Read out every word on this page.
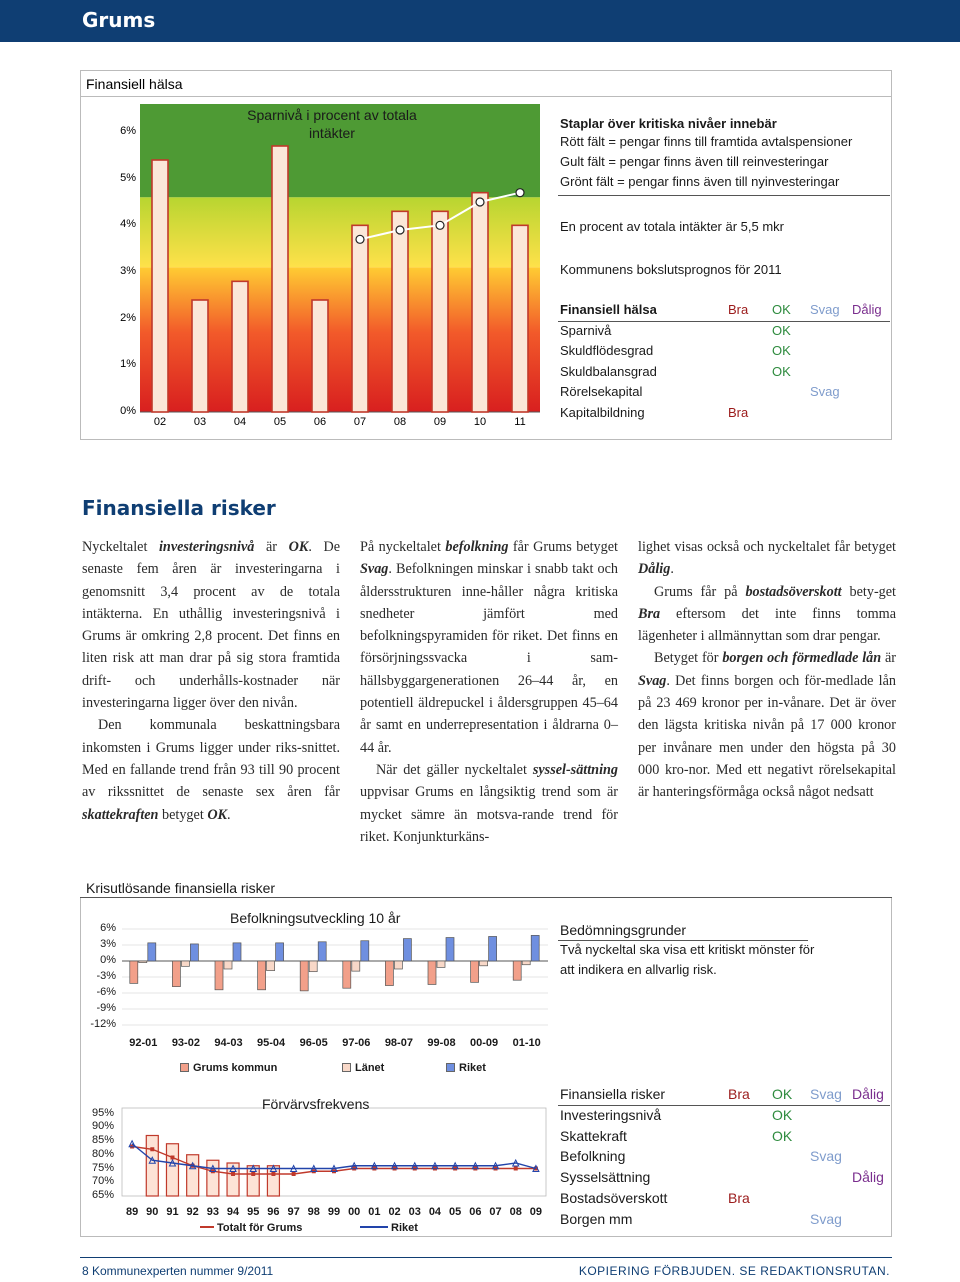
Grums
Finansiell hälsa
Sparnivå i procent av totala intäkter
Staplar över kritiska nivåer innebär
Rött fält = pengar finns till framtida avtalspensioner
Gult fält = pengar finns även till reinvesteringar
Grönt fält = pengar finns även till nyinvesteringar
En procent av totala intäkter är 5,5 mkr
Kommunens bokslutsprognos för 2011
Finansiella risker

Nyckeltalet investeringsnivå är OK. De senaste fem åren är investeringarna i genomsnitt 3,4 procent av de totala intäkterna. En uthållig investeringsnivå i Grums är omkring 2,8 procent. Det finns en liten risk att man drar på sig stora framtida drift- och underhålls-kostnader när investeringarna ligger över den nivån.

Den kommunala beskattningsbara inkomsten i Grums ligger under riks-snittet. Med en fallande trend från 93 till 90 procent av rikssnittet de senaste sex åren får skattekraften betyget OK.

På nyckeltalet befolkning får Grums betyget Svag. Befolkningen minskar i snabb takt och åldersstrukturen inne-håller några kritiska snedheter jämfört med befolkningspyramiden för riket. Det finns en försörjningssvacka i sam-hällsbyggargenerationen 26–44 år, en potentiell äldrepuckel i åldersgruppen 45–64 år samt en underrepresentation i åldrarna 0–44 år.

När det gäller nyckeltalet syssel-sättning uppvisar Grums en långsiktig trend som är mycket sämre än motsva-rande trend för riket. Konjunkturkäns-

lighet visas också och nyckeltalet får betyget Dålig.

Grums får på bostadsöverskott bety-get Bra eftersom det inte finns tomma lägenheter i allmännyttan som drar pengar.

Betyget för borgen och förmedlade lån är Svag. Det finns borgen och för-medlade lån på 23 469 kronor per in-vånare. Det är över den lägsta kritiska nivån på 17 000 kronor per invånare men under den högsta på 30 000 kro-nor. Med ett negativt rörelsekapital är hanteringsförmåga också något nedsatt

Krisutlösande finansiella risker
Befolkningsutveckling 10 år
Grums kommun	Länet	Riket
Bedömningsgrunder
Två nyckeltal ska visa ett kritiskt mönster för
att indikera en allvarlig risk.
Förvärvsfrekvens
Totalt för Grums	Riket
8 Kommunexperten nummer 9/2011	KOPIERING FÖRBJUDEN. SE REDAKTIONSRUTAN.
0%
1%
2%
3%
4%
5%
6%
02	03	04	05	06	07	08	09	10	11
Finansiell hälsa	Bra OK Svag Dålig
Sparnivå	OK
Skuldflödesgrad	OK
Skuldbalansgrad	OK
Rörelsekapital	Svag
Kapitalbildning	Bra
Finansiella risker	Bra OK Svag Dålig
Investeringsnivå	OK
Skattekraft	OK
Befolkning	Svag
Sysselsättning	Dålig
Bostadsöverskott	Bra
Borgen mm	Svag
6%
3%
0%
-3%
-6%
-9%
-12%
92-01	93-02	94-03	95-04	96-05	97-06	98-07	99-08	00-09	01-10
95%
90%
85%
80%
75%
70%
65%
89 90 91 92 93 94 95 96 97 98 99 00 01 02 03 04 05 06 07 08 09
